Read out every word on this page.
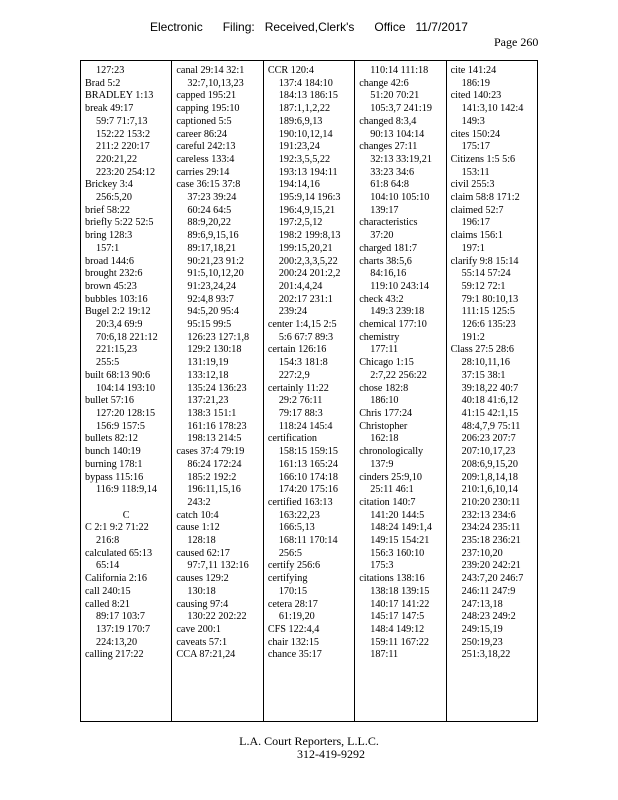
Electronic      Filing:   Received,Clerk's      Office   11/7/2017
Page 260
127:23
Brad 5:2
BRADLEY 1:13
break 49:17
59:7 71:7,13
152:22 153:2
211:2 220:17
220:21,22
223:20 254:12
Brickey 3:4
256:5,20
brief 58:22
briefly 5:22 52:5
bring 128:3
157:1
broad 144:6
brought 232:6
brown 45:23
bubbles 103:16
Bugel 2:2 19:12
20:3,4 69:9
70:6,18 221:12
221:15,23
255:5
built 68:13 90:6
104:14 193:10
bullet 57:16
127:20 128:15
156:9 157:5
bullets 82:12
bunch 140:19
burning 178:1
bypass 115:16
116:9 118:9,14
C
C 2:1 9:2 71:22
216:8
calculated 65:13
65:14
California 2:16
call 240:15
called 8:21
89:17 103:7
137:19 170:7
224:13,20
calling 217:22
canal 29:14 32:1
32:7,10,13,23
capped 195:21
capping 195:10
captioned 5:5
career 86:24
careful 242:13
careless 133:4
carries 29:14
case 36:15 37:8
37:23 39:24
60:24 64:5
88:9,20,22
89:6,9,15,16
89:17,18,21
90:21,23 91:2
91:5,10,12,20
91:23,24,24
92:4,8 93:7
94:5,20 95:4
95:15 99:5
126:23 127:1,8
129:2 130:18
131:19,19
133:12,18
135:24 136:23
137:21,23
138:3 151:1
161:16 178:23
198:13 214:5
cases 37:4 79:19
86:24 172:24
185:2 192:2
196:11,15,16
243:2
catch 10:4
cause 1:12
128:18
caused 62:17
97:7,11 132:16
causes 129:2
130:18
causing 97:4
130:22 202:22
cave 200:1
caveats 57:1
CCA 87:21,24
CCR 120:4
137:4 184:10
184:13 186:15
187:1,1,2,22
189:6,9,13
190:10,12,14
191:23,24
192:3,5,5,22
193:13 194:11
194:14,16
195:9,14 196:3
196:4,9,15,21
197:2,5,12
198:2 199:8,13
199:15,20,21
200:2,3,3,5,22
200:24 201:2,2
201:4,4,24
202:17 231:1
239:24
center 1:4,15 2:5
5:6 67:7 89:3
certain 126:16
154:3 181:8
227:2,9
certainly 11:22
29:2 76:11
79:17 88:3
118:24 145:4
certification
158:15 159:15
161:13 165:24
166:10 174:18
174:20 175:16
certified 163:13
163:22,23
166:5,13
168:11 170:14
256:5
certify 256:6
certifying
170:15
cetera 28:17
61:19,20
CFS 122:4,4
chair 132:15
chance 35:17
110:14 111:18
change 42:6
51:20 70:21
105:3,7 241:19
changed 8:3,4
90:13 104:14
changes 27:11
32:13 33:19,21
33:23 34:6
61:8 64:8
104:10 105:10
139:17
characteristics
37:20
charged 181:7
charts 38:5,6
84:16,16
119:10 243:14
check 43:2
149:3 239:18
chemical 177:10
chemistry
177:11
Chicago 1:15
2:7,22 256:22
chose 182:8
186:10
Chris 177:24
Christopher
162:18
chronologically
137:9
cinders 25:9,10
25:11 46:1
citation 140:7
141:20 144:5
148:24 149:1,4
149:15 154:21
156:3 160:10
175:3
citations 138:16
138:18 139:15
140:17 141:22
145:17 147:5
148:4 149:12
159:11 167:22
187:11
cite 141:24
186:19
cited 140:23
141:3,10 142:4
149:3
cites 150:24
175:17
Citizens 1:5 5:6
153:11
civil 255:3
claim 58:8 171:2
claimed 52:7
196:17
claims 156:1
197:1
clarify 9:8 15:14
55:14 57:24
59:12 72:1
79:1 80:10,13
111:15 125:5
126:6 135:23
191:2
Class 27:5 28:6
28:10,11,16
37:15 38:1
39:18,22 40:7
40:18 41:6,12
41:15 42:1,15
48:4,7,9 75:11
206:23 207:7
207:10,17,23
208:6,9,15,20
209:1,8,14,18
210:1,6,10,14
210:20 230:11
232:13 234:6
234:24 235:11
235:18 236:21
237:10,20
239:20 242:21
243:7,20 246:7
246:11 247:9
247:13,18
248:23 249:2
249:15,19
250:19,23
251:3,18,22
L.A. Court Reporters, L.L.C.
312-419-9292
